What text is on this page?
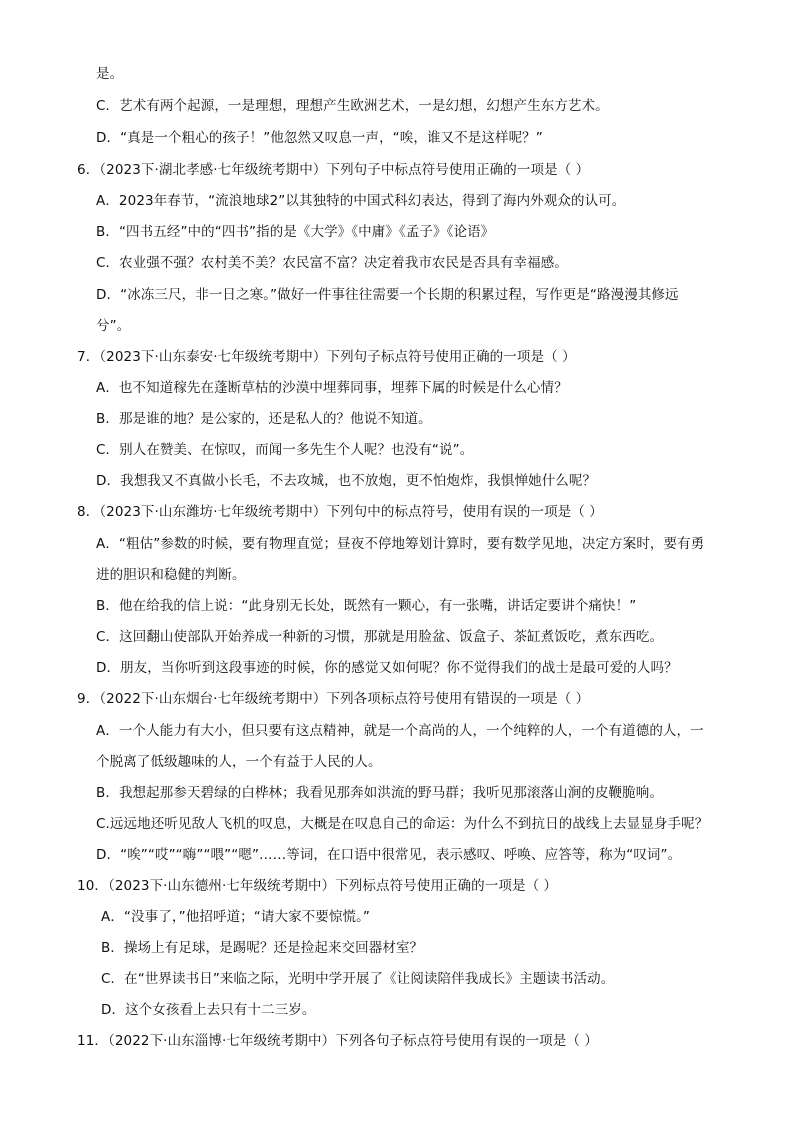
是。
C．艺术有两个起源，一是理想，理想产生欧洲艺术，一是幻想，幻想产生东方艺术。
D．“真是一个粗心的孩子！”他忽然又叹息一声，“唉，谁又不是这样呢？”
6．（2023下·湖北孝感·七年级统考期中）下列句子中标点符号使用正确的一项是（ ）
A．2023年春节，“流浪地球2”以其独特的中国式科幻表达，得到了海内外观众的认可。
B．“四书五经”中的“四书”指的是《大学》《中庸》《孟子》《论语》
C．农业强不强？农村美不美？农民富不富？决定着我市农民是否具有幸福感。
D．“冰冻三尺，非一日之寒。”做好一件事往往需要一个长期的积累过程，写作更是“路漫漫其修远
兮”。
7．（2023下·山东泰安·七年级统考期中）下列句子标点符号使用正确的一项是（ ）
A．也不知道稼先在蓬断草枯的沙漠中埋葬同事，埋葬下属的时候是什么心情？
B．那是谁的地？是公家的，还是私人的？他说不知道。
C．别人在赞美、在惊叹，而闻一多先生个人呢？也没有“说”。
D．我想我又不真做小长毛，不去攻城，也不放炮，更不怕炮炸，我惧惮她什么呢？
8．（2023下·山东潍坊·七年级统考期中）下列句中的标点符号，使用有误的一项是（ ）
A．“粗估”参数的时候，要有物理直觉；昼夜不停地筹划计算时，要有数学见地，决定方案时，要有勇
进的胆识和稳健的判断。
B．他在给我的信上说：“此身别无长处，既然有一颗心，有一张嘴，讲话定要讲个痛快！”
C．这回翻山使部队开始养成一种新的习惯，那就是用脸盆、饭盒子、茶缸煮饭吃，煮东西吃。
D．朋友，当你听到这段事迹的时候，你的感觉又如何呢？你不觉得我们的战士是最可爱的人吗？
9．（2022下·山东烟台·七年级统考期中）下列各项标点符号使用有错误的一项是（ ）
A．一个人能力有大小，但只要有这点精神，就是一个高尚的人，一个纯粹的人，一个有道德的人，一
个脱离了低级趣味的人，一个有益于人民的人。
B．我想起那参天碧绿的白桦林；我看见那奔如洪流的野马群；我听见那滚落山涧的皮鞭脆响。
C.远远地还听见敌人飞机的叹息，大概是在叹息自己的命运：为什么不到抗日的战线上去显显身手呢？
D．“唉”“哎”“嗨”“喂”“嗯”……等词，在口语中很常见，表示感叹、呼唤、应答等，称为“叹词”。
10．（2023下·山东德州·七年级统考期中）下列标点符号使用正确的一项是（ ）
A．“没事了，”他招呼道；“请大家不要惊慌。”
B．操场上有足球，是踢呢？还是捡起来交回器材室？
C．在“世界读书日”来临之际，光明中学开展了《让阅读陪伴我成长》主题读书活动。
D．这个女孩看上去只有十二三岁。
11．（2022下·山东淄博·七年级统考期中）下列各句子标点符号使用有误的一项是（ ）
